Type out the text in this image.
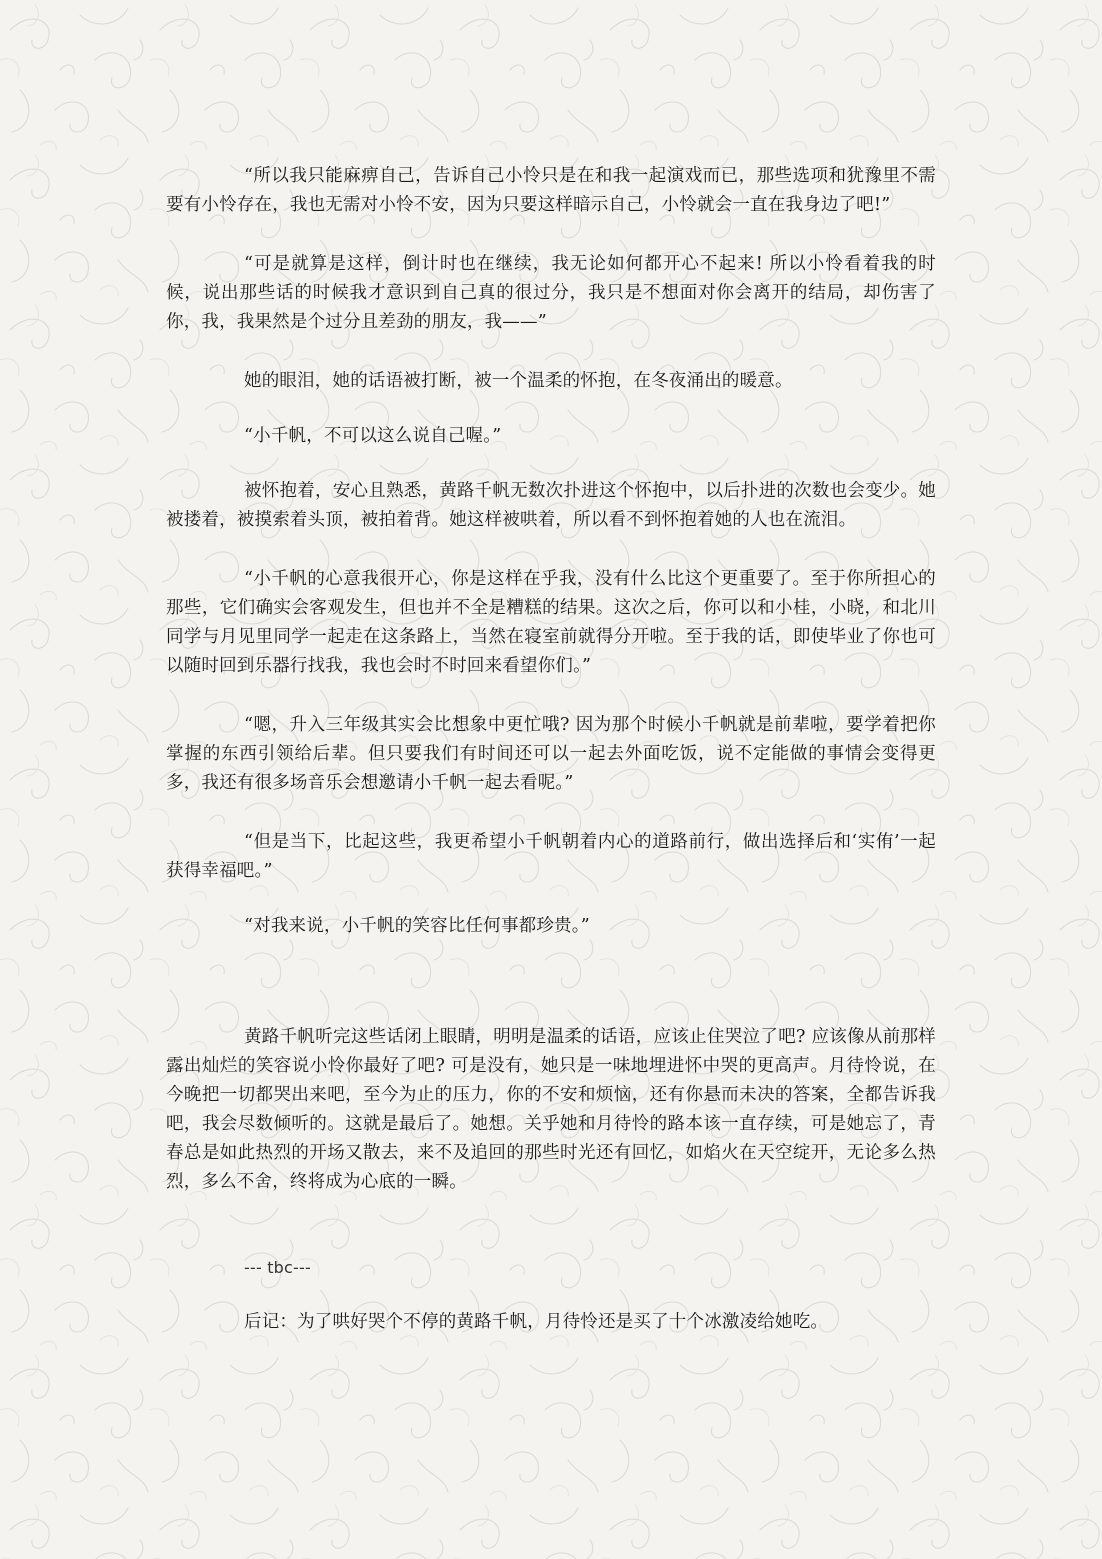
“所以我只能麻痹自己，告诉自己小怜只是在和我一起演戏而已，那些选项和犹豫里不需要有小怜存在，我也无需对小怜不安，因为只要这样暗示自己，小怜就会一直在我身边了吧!”

“可是就算是这样，倒计时也在继续，我无论如何都开心不起来! 所以小怜看着我的时候，说出那些话的时候我才意识到自己真的很过分，我只是不想面对你会离开的结局，却伤害了你，我，我果然是个过分且差劲的朋友，我——”

她的眼泪，她的话语被打断，被一个温柔的怀抱，在冬夜涌出的暖意。

“小千帆，不可以这么说自己喔。”

被怀抱着，安心且熟悉，黄路千帆无数次扑进这个怀抱中，以后扑进的次数也会变少。她被搂着，被摸索着头顶，被拍着背。她这样被哄着，所以看不到怀抱着她的人也在流泪。

“小千帆的心意我很开心，你是这样在乎我，没有什么比这个更重要了。至于你所担心的那些，它们确实会客观发生，但也并不全是糟糕的结果。这次之后，你可以和小桂，小晓，和北川同学与月见里同学一起走在这条路上，当然在寝室前就得分开啦。至于我的话，即使毕业了你也可以随时回到乐器行找我，我也会时不时回来看望你们。”

“嗯，升入三年级其实会比想象中更忙哦? 因为那个时候小千帆就是前辈啦，要学着把你掌握的东西引领给后辈。但只要我们有时间还可以一起去外面吃饭，说不定能做的事情会变得更多，我还有很多场音乐会想邀请小千帆一起去看呢。”

“但是当下，比起这些，我更希望小千帆朝着内心的道路前行，做出选择后和‘实侑’一起获得幸福吧。”

“对我来说，小千帆的笑容比任何事都珍贵。”

黄路千帆听完这些话闭上眼睛，明明是温柔的话语，应该止住哭泣了吧? 应该像从前那样露出灿烂的笑容说小怜你最好了吧? 可是没有，她只是一味地埋进怀中哭的更高声。月待怜说，在今晚把一切都哭出来吧，至今为止的压力，你的不安和烦恼，还有你悬而未决的答案，全都告诉我吧，我会尽数倾听的。这就是最后了。她想。关乎她和月待怜的路本该一直存续，可是她忘了，青春总是如此热烈的开场又散去，来不及追回的那些时光还有回忆，如焰火在天空绽开，无论多么热烈，多么不舍，终将成为心底的一瞬。

--- tbc---

后记：为了哄好哭个不停的黄路千帆，月待怜还是买了十个冰激凌给她吃。
